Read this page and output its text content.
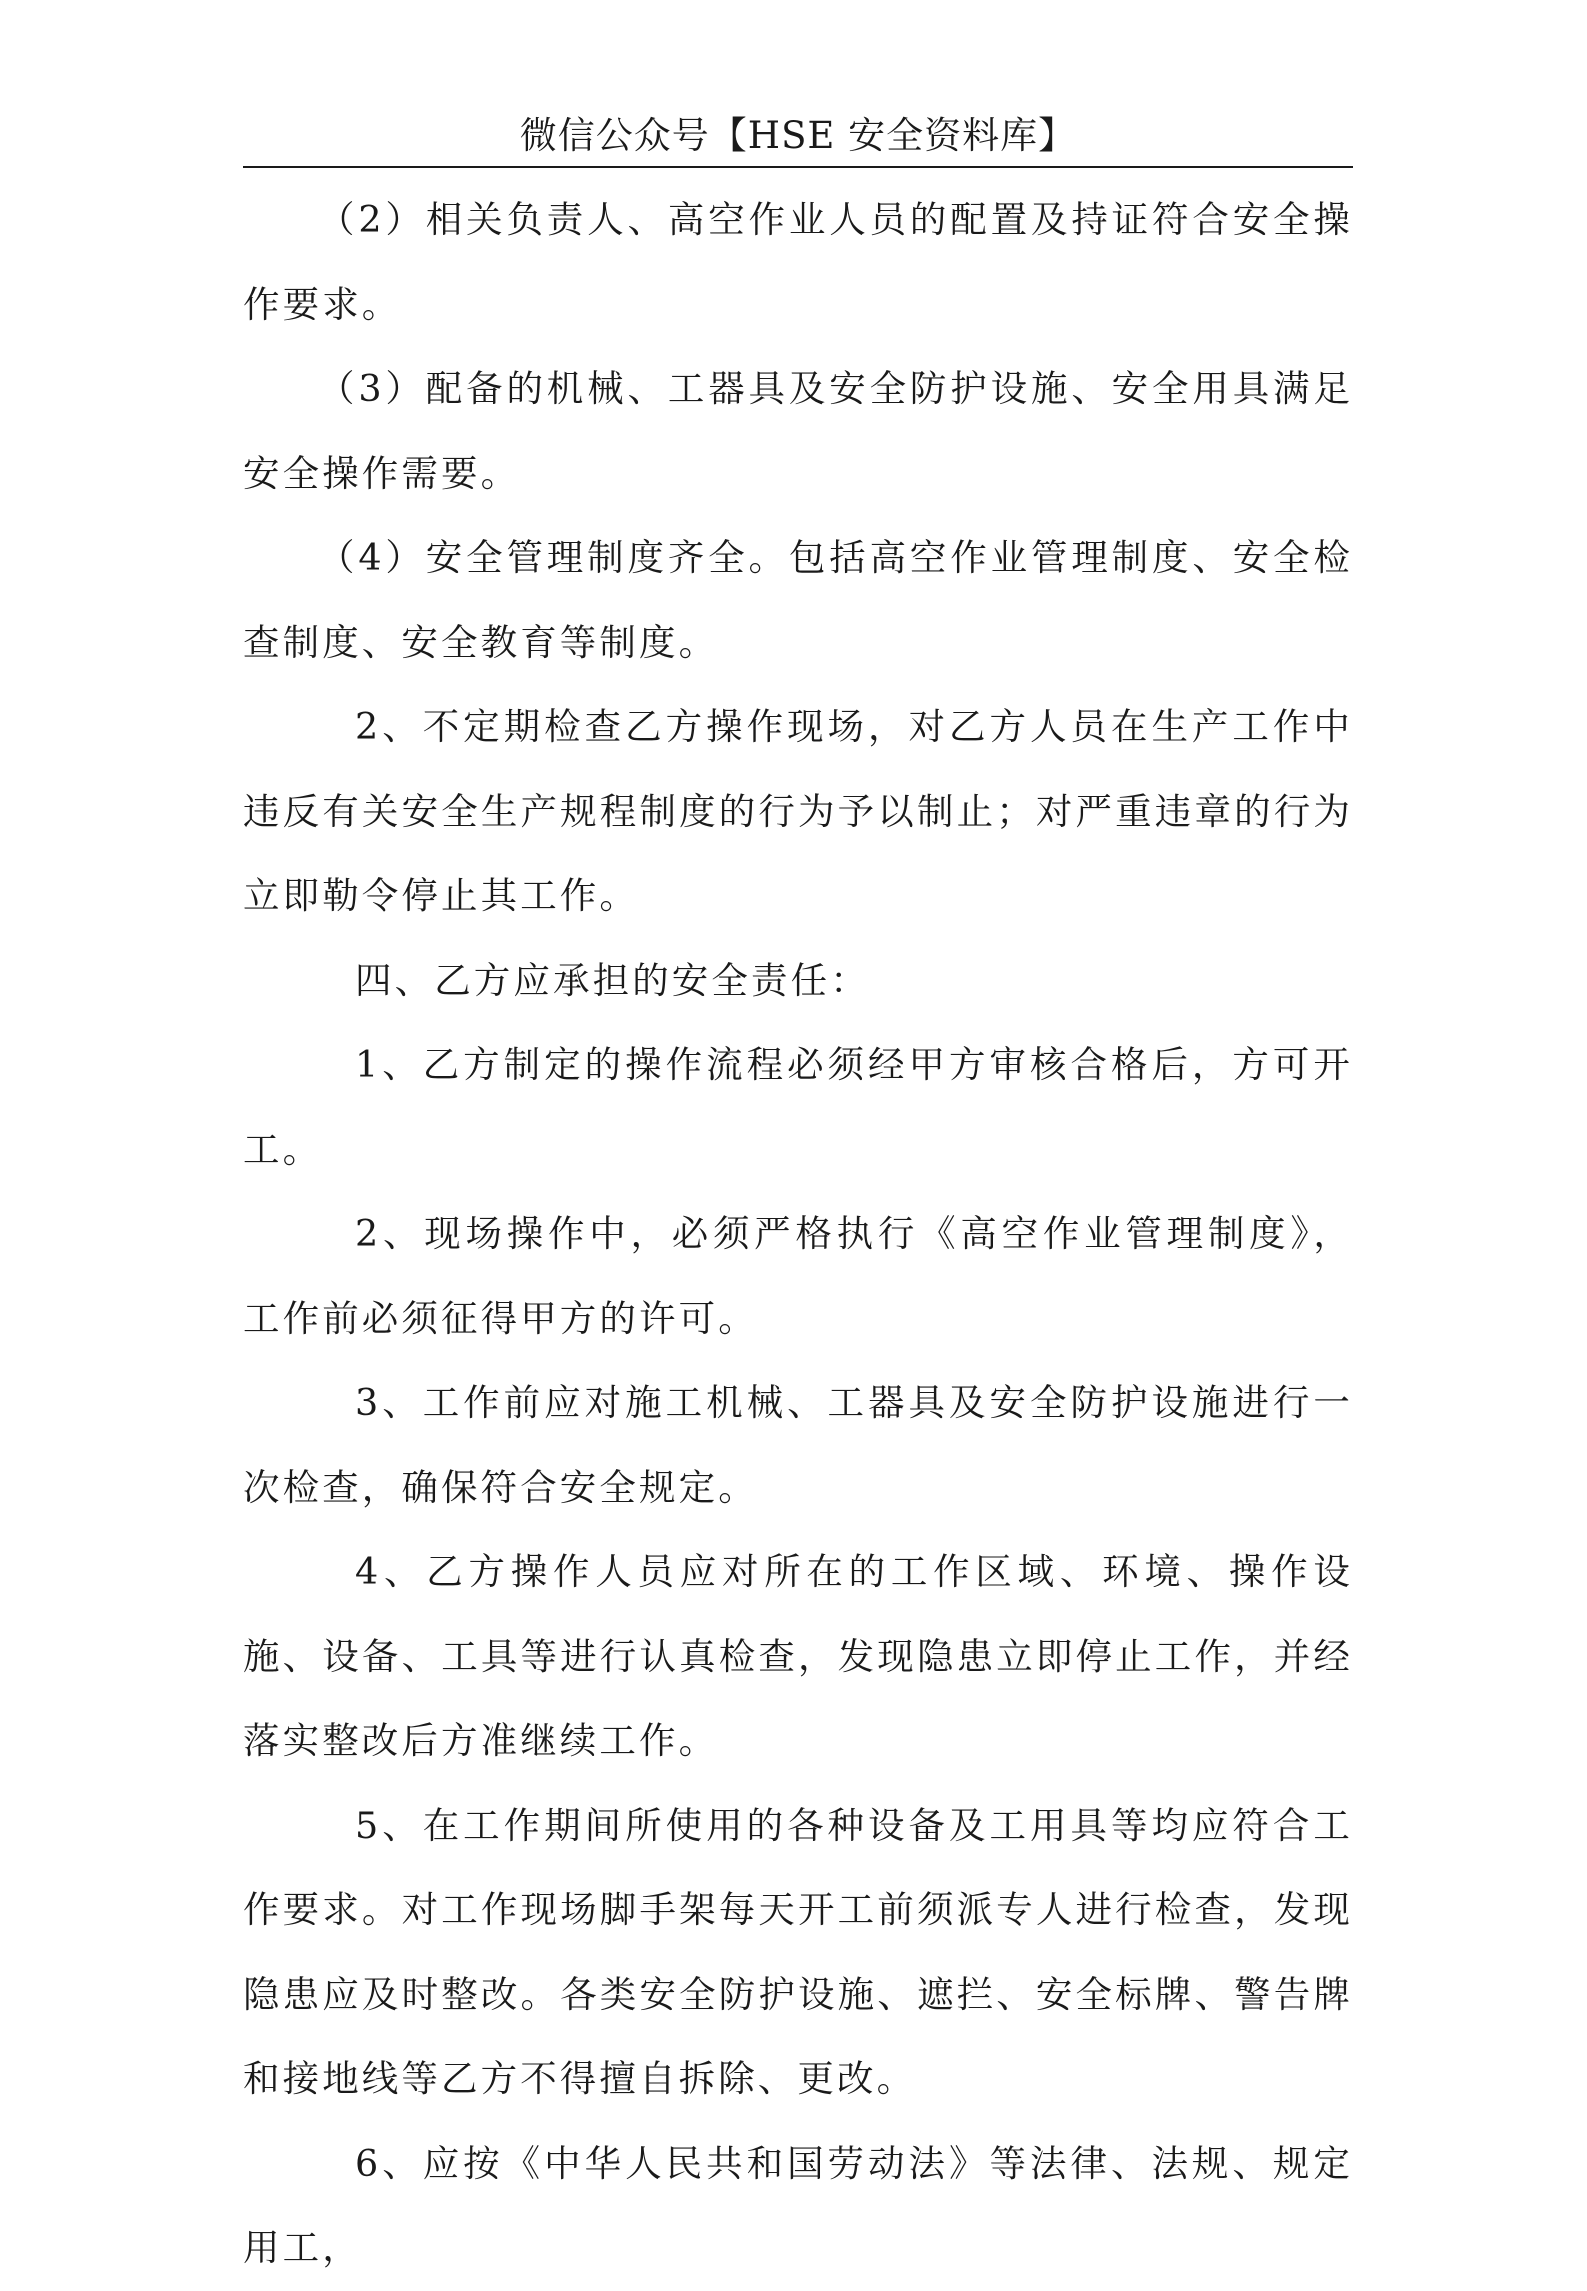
微信公众号【HSE 安全资料库】

（2）相关负责人、高空作业人员的配置及持证符合安全操作要求。

（3）配备的机械、工器具及安全防护设施、安全用具满足安全操作需要。

（4）安全管理制度齐全。包括高空作业管理制度、安全检查制度、安全教育等制度。

2、不定期检查乙方操作现场，对乙方人员在生产工作中违反有关安全生产规程制度的行为予以制止；对严重违章的行为立即勒令停止其工作。

四、乙方应承担的安全责任：

1、乙方制定的操作流程必须经甲方审核合格后，方可开工。

2、现场操作中，必须严格执行《高空作业管理制度》，工作前必须征得甲方的许可。

3、工作前应对施工机械、工器具及安全防护设施进行一次检查，确保符合安全规定。

4、乙方操作人员应对所在的工作区域、环境、操作设施、设备、工具等进行认真检查，发现隐患立即停止工作，并经落实整改后方准继续工作。

5、在工作期间所使用的各种设备及工用具等均应符合工作要求。对工作现场脚手架每天开工前须派专人进行检查，发现隐患应及时整改。各类安全防护设施、遮拦、安全标牌、警告牌和接地线等乙方不得擅自拆除、更改。

6、应按《中华人民共和国劳动法》等法律、法规、规定用工，
